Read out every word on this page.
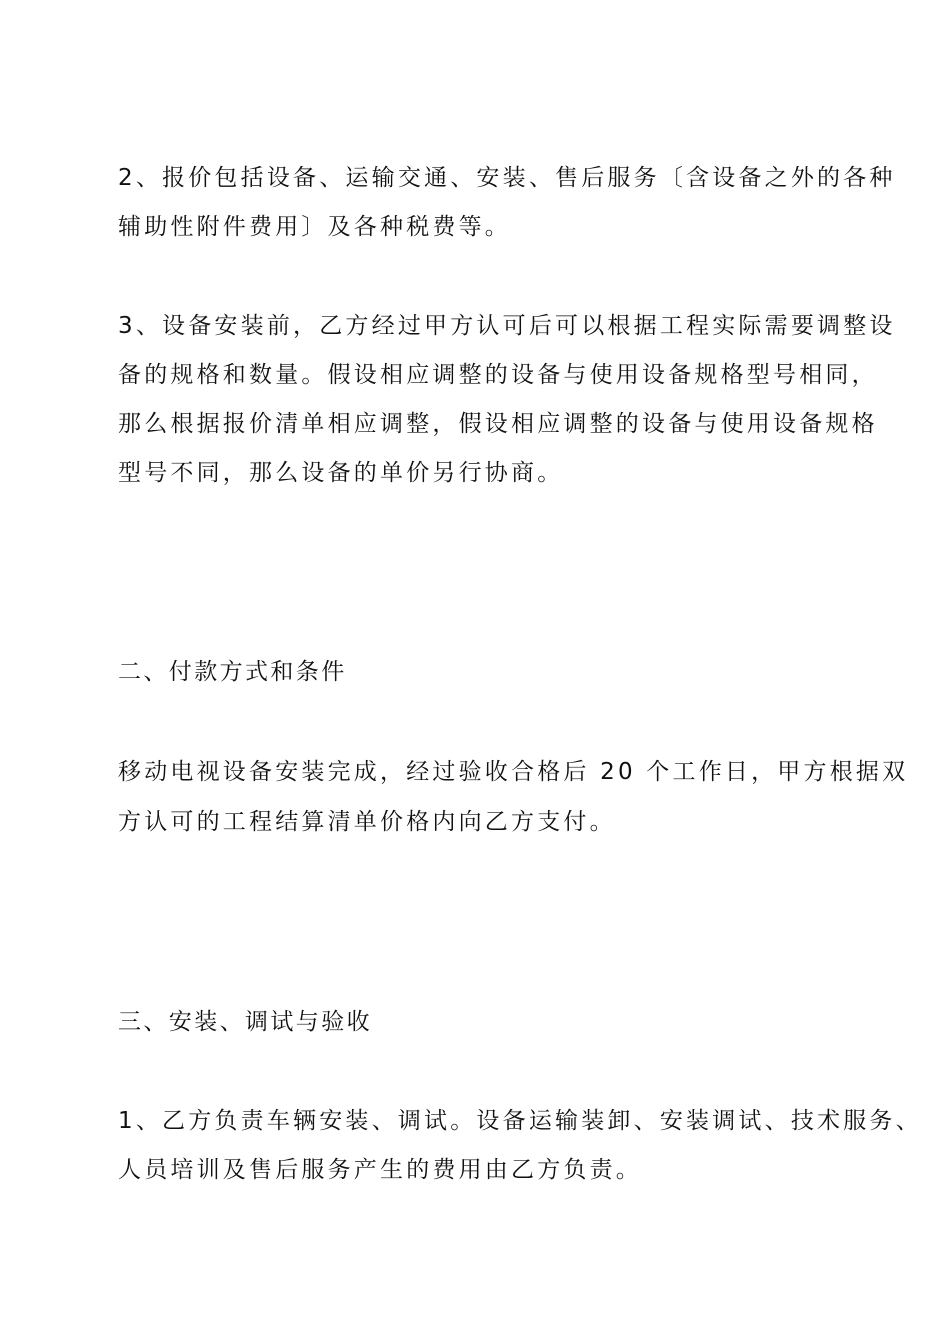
2、报价包括设备、运输交通、安装、售后服务〔含设备之外的各种
辅助性附件费用〕及各种税费等。
3、设备安装前，乙方经过甲方认可后可以根据工程实际需要调整设
备的规格和数量。假设相应调整的设备与使用设备规格型号相同，
那么根据报价清单相应调整，假设相应调整的设备与使用设备规格
型号不同，那么设备的单价另行协商。
二、付款方式和条件
移动电视设备安装完成，经过验收合格后 20 个工作日，甲方根据双
方认可的工程结算清单价格内向乙方支付。
三、安装、调试与验收
1、乙方负责车辆安装、调试。设备运输装卸、安装调试、技术服务、
人员培训及售后服务产生的费用由乙方负责。
